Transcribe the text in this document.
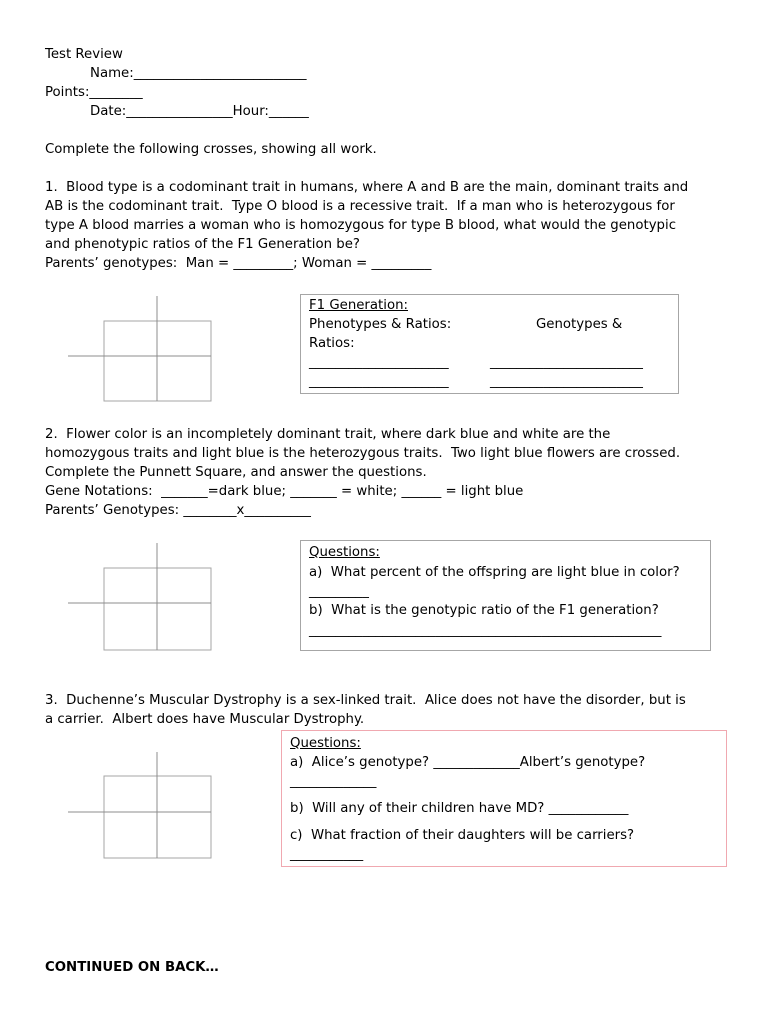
Test Review
Name:__________________________
Points:________
Date:________________Hour:______
Complete the following crosses, showing all work.
1.  Blood type is a codominant trait in humans, where A and B are the main, dominant traits and
AB is the codominant trait.  Type O blood is a recessive trait.  If a man who is heterozygous for
type A blood marries a woman who is homozygous for type B blood, what would the genotypic
and phenotypic ratios of the F1 Generation be?
Parents’ genotypes:  Man = _________; Woman = _________
F1 Generation:
Phenotypes & Ratios:	Genotypes &
Ratios:
_____________________	_______________________
_____________________	_______________________
2.  Flower color is an incompletely dominant trait, where dark blue and white are the
homozygous traits and light blue is the heterozygous traits.  Two light blue flowers are crossed.
Complete the Punnett Square, and answer the questions.
Gene Notations:  _______=dark blue; _______ = white; ______ = light blue
Parents’ Genotypes: ________x__________
Questions:
a)  What percent of the offspring are light blue in color?
_________
b)  What is the genotypic ratio of the F1 generation?
_____________________________________________________
3.  Duchenne’s Muscular Dystrophy is a sex-linked trait.  Alice does not have the disorder, but is
a carrier.  Albert does have Muscular Dystrophy.
Questions:
a)  Alice’s genotype? _____________Albert’s genotype?
_____________
b)  Will any of their children have MD? ____________
c)  What fraction of their daughters will be carriers?
___________
CONTINUED ON BACK…
